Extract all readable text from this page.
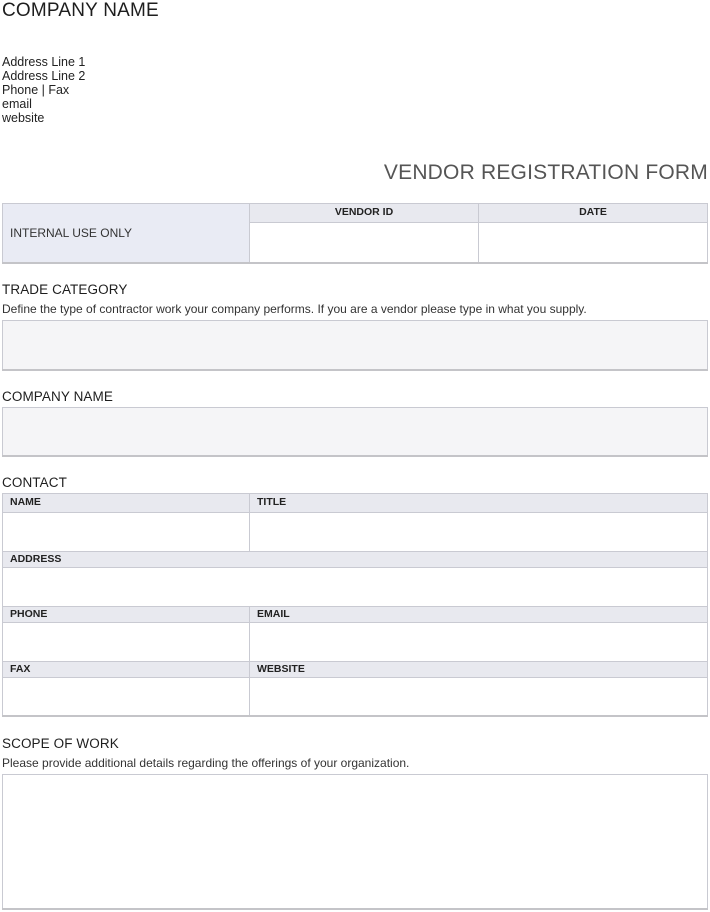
COMPANY NAME
Address Line 1
Address Line 2
Phone | Fax
email
website
VENDOR REGISTRATION FORM
INTERNAL USE ONLY
VENDOR ID	DATE
TRADE CATEGORY
Define the type of contractor work your company performs. If you are a vendor please type in what you supply.
COMPANY NAME
CONTACT
NAME	TITLE
ADDRESS
PHONE	EMAIL
FAX	WEBSITE
SCOPE OF WORK
Please provide additional details regarding the offerings of your organization.
